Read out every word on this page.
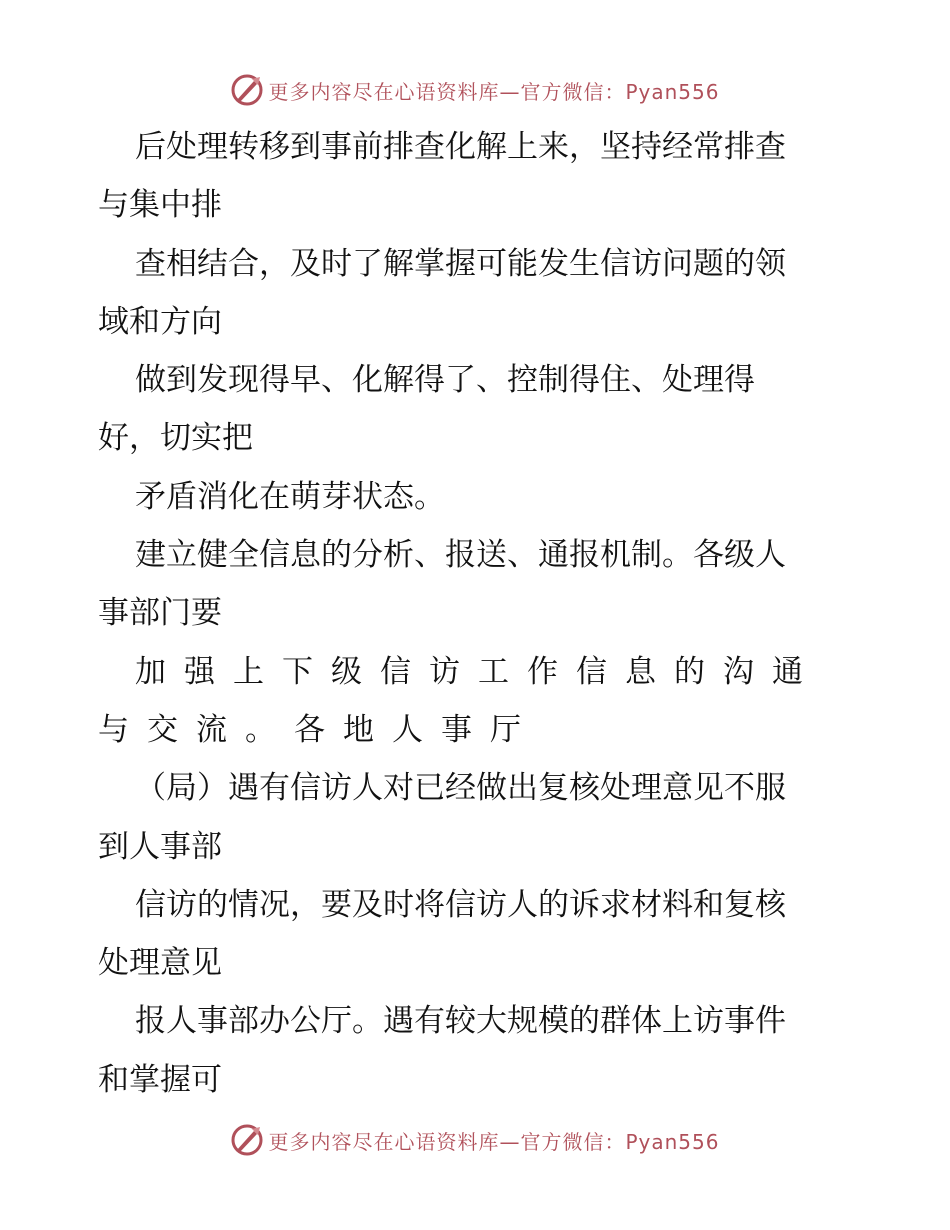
更多内容尽在心语资料库—官方微信：Pyan556
后处理转移到事前排查化解上来，坚持经常排查
与集中排
查相结合，及时了解掌握可能发生信访问题的领
域和方向
做到发现得早、化解得了、控制得住、处理得
好，切实把
矛盾消化在萌芽状态。
建立健全信息的分析、报送、通报机制。各级人
事部门要
加强上下级信访工作信息的沟通
与交流。各地人事厅
（局）遇有信访人对已经做出复核处理意见不服
到人事部
信访的情况，要及时将信访人的诉求材料和复核
处理意见
报人事部办公厅。遇有较大规模的群体上访事件
和掌握可
更多内容尽在心语资料库—官方微信：Pyan556
